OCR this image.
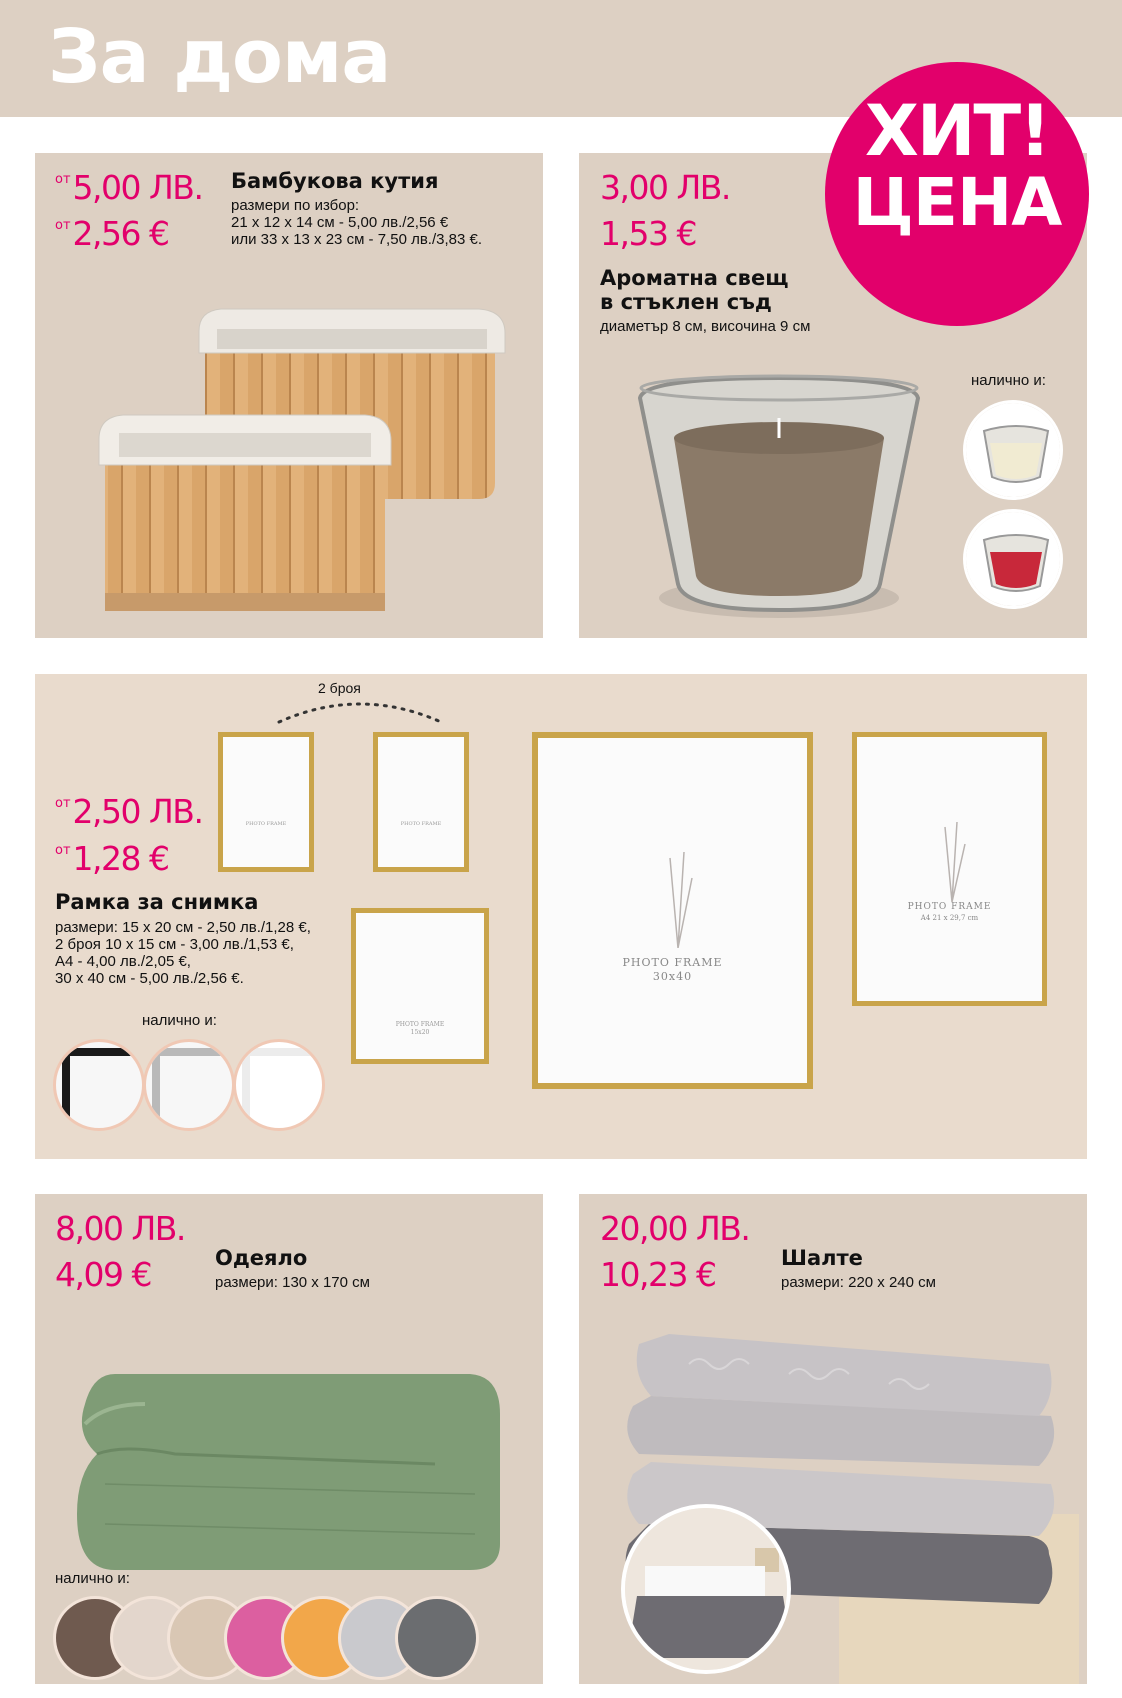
За дома
ХИТ!
ЦЕНА
$^{от}$5,00 ЛВ.
$^{от}$2,56 €
Бамбукова кутия
размери по избор:
21 х 12 х 14 см - 5,00 лв./2,56 €
или 33 х 13 х 23 см - 7,50 лв./3,83 €.
3,00 ЛВ.
1,53 €
Ароматна свещ
в стъклен съд
диаметър 8 см, височина 9 см
налично и:
2 броя
$^{от}$2,50 ЛВ.
$^{от}$1,28 €
Рамка за снимка
размери: 15 х 20 см - 2,50 лв./1,28 €,
2 броя 10 х 15 см - 3,00 лв./1,53 €,
А4 - 4,00 лв./2,05 €,
30 х 40 см - 5,00 лв./2,56 €.
налично и:
PHOTO FRAME	PHOTO FRAME
PHOTO FRAME
15x20
PHOTO FRAME
30x40
PHOTO FRAME
A4 21 x 29,7 cm
8,00 ЛВ.
4,09 €	Одеяло
размери: 130 х 170 см
налично и:
20,00 ЛВ.
10,23 €	Шалте
размери: 220 х 240 см
